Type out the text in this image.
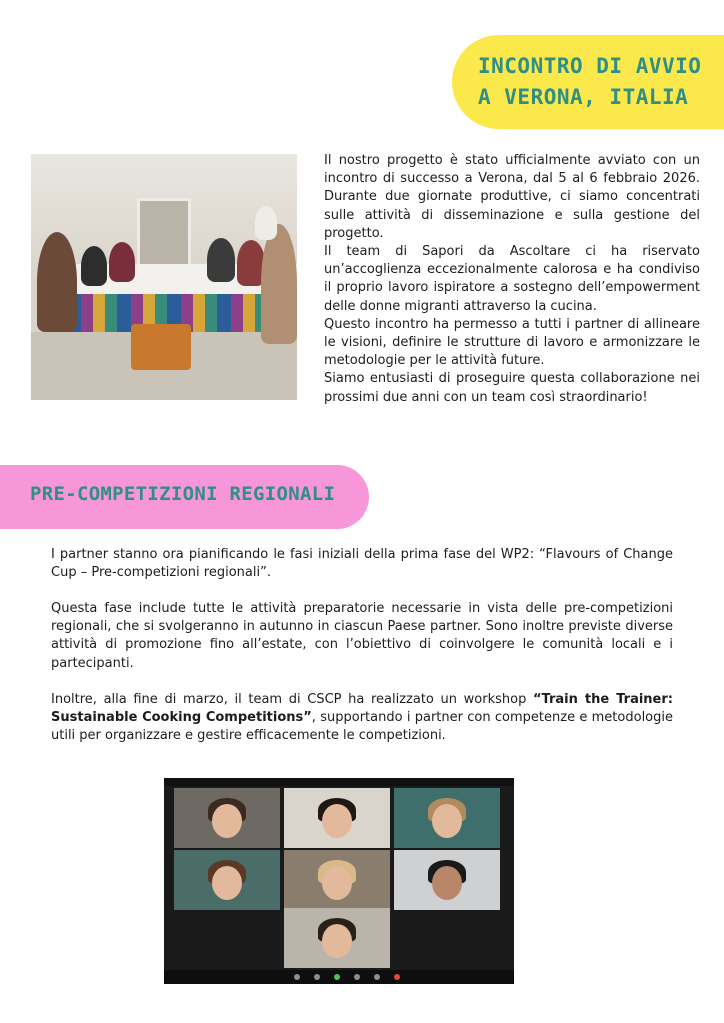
INCONTRO DI AVVIO A VERONA, ITALIA

Il nostro progetto è stato ufficialmente avviato con un incontro di successo a Verona, dal 5 al 6 febbraio 2026. Durante due giornate produttive, ci siamo concentrati sulle attività di disseminazione e sulla gestione del progetto.

Il team di Sapori da Ascoltare ci ha riservato un’accoglienza eccezionalmente calorosa e ha condiviso il proprio lavoro ispiratore a sostegno dell’empowerment delle donne migranti attraverso la cucina.

Questo incontro ha permesso a tutti i partner di allineare le visioni, definire le strutture di lavoro e armonizzare le metodologie per le attività future.

Siamo entusiasti di proseguire questa collaborazione nei prossimi due anni con un team così straordinario!

PRE-COMPETIZIONI REGIONALI

I partner stanno ora pianificando le fasi iniziali della prima fase del WP2: “Flavours of Change Cup – Pre-competizioni regionali”.

Questa fase include tutte le attività preparatorie necessarie in vista delle pre-competizioni regionali, che si svolgeranno in autunno in ciascun Paese partner. Sono inoltre previste diverse attività di promozione fino all’estate, con l’obiettivo di coinvolgere le comunità locali e i partecipanti.

Inoltre, alla fine di marzo, il team di CSCP ha realizzato un workshop “Train the Trainer: Sustainable Cooking Competitions”, supportando i partner con competenze e metodologie utili per organizzare e gestire efficacemente le competizioni.
